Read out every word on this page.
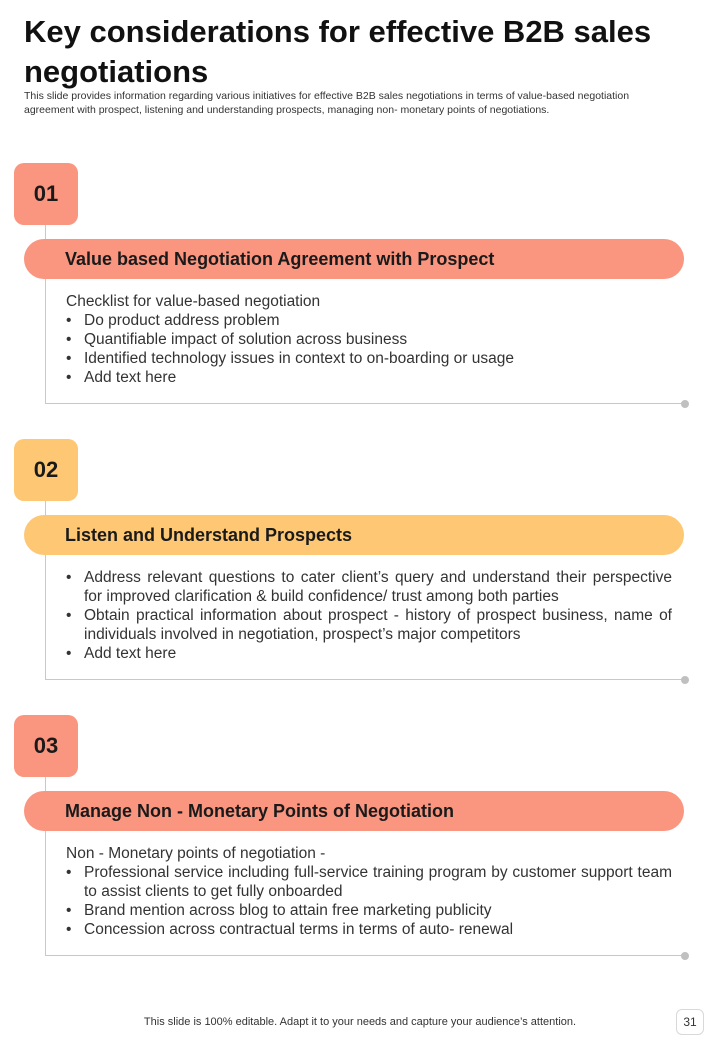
Key considerations for effective B2B sales negotiations

This slide provides information regarding various initiatives for effective B2B sales negotiations in terms of value-based negotiation agreement with prospect, listening and understanding prospects, managing non- monetary points of negotiations.

01
Value based Negotiation Agreement with Prospect

Checklist for value-based negotiation

• Do product address problem
• Quantifiable impact of solution across business
• Identified technology issues in context to on-boarding or usage
• Add text here
02
Listen and Understand Prospects
• Address relevant questions to cater client’s query and understand their perspective for improved clarification & build confidence/ trust among both parties
• Obtain practical information about prospect - history of prospect business, name of individuals involved in negotiation, prospect’s major competitors
• Add text here
03
Manage Non - Monetary Points of Negotiation

Non - Monetary points of negotiation -

• Professional service including full-service training program by customer support team to assist clients to get fully onboarded
• Brand mention across blog to attain free marketing publicity
• Concession across contractual terms in terms of auto- renewal
This slide is 100% editable. Adapt it to your needs and capture your audience’s attention.	31
